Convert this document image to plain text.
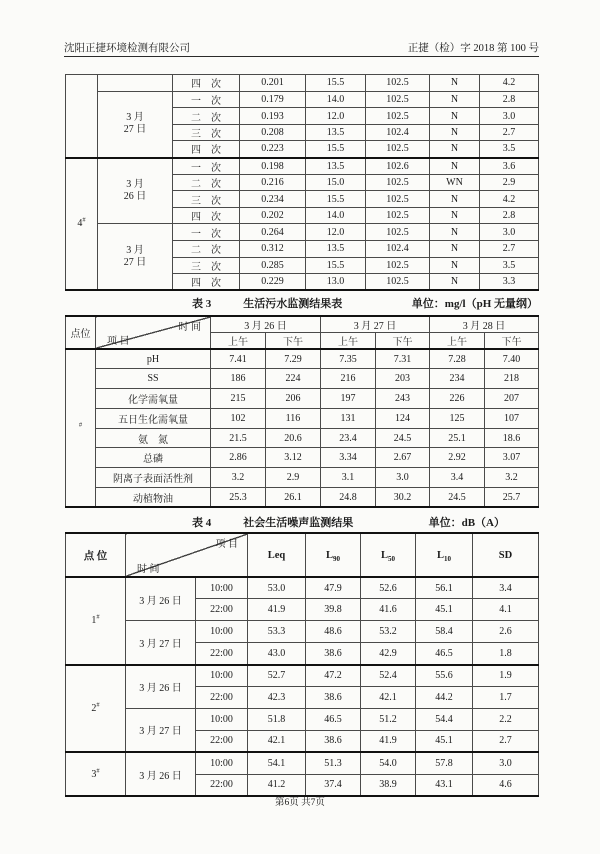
沈阳正捷环境检测有限公司	正捷（检）字 2018 第 100 号
		四　次	0.201	15.5	102.5	N	4.2

	3 月
27 日	一　次	0.179	14.0	102.5	N	2.8
		二　次	0.193	12.0	102.5	N	3.0
		三　次	0.208	13.5	102.4	N	2.7
		四　次	0.223	15.5	102.5	N	3.5
4#	3 月
26 日	一　次	0.198	13.5	102.6	N	3.6
		二　次	0.216	15.0	102.5	WN	2.9
		三　次	0.234	15.5	102.5	N	4.2
		四　次	0.202	14.0	102.5	N	2.8

	3 月
27 日	一　次	0.264	12.0	102.5	N	3.0
		二　次	0.312	13.5	102.4	N	2.7
		三　次	0.285	15.5	102.5	N	3.5
		四　次	0.229	13.0	102.5	N	3.3
表 3	生活污水监测结果表	单位：mg/l（pH 无量纲）
点位	时 间
项 目	3 月 26 日		3 月 27 日		3 月 28 日	
		上午	下午	上午	下午	上午	下午
#	pH	7.41	7.29	7.35	7.31	7.28	7.40
	SS	186	224	216	203	234	218
	化学需氧量	215	206	197	243	226	207
	五日生化需氧量	102	116	131	124	125	107
	氨　氮	21.5	20.6	23.4	24.5	25.1	18.6
	总磷	2.86	3.12	3.34	2.67	2.92	3.07
	阴离子表面活性剂	3.2	2.9	3.1	3.0	3.4	3.2
	动植物油	25.3	26.1	24.8	30.2	24.5	25.7
表 4	社会生活噪声监测结果	单位：dB（A）
点 位	项 目
时 间		Leq	$L_{90}$	$L_{50}$	$L_{10}$	SD
1#	3 月 26 日	10:00	53.0	47.9	52.6	56.1	3.4
		22:00	41.9	39.8	41.6	45.1	4.1
	3 月 27 日	10:00	53.3	48.6	53.2	58.4	2.6
		22:00	43.0	38.6	42.9	46.5	1.8
2#	3 月 26 日	10:00	52.7	47.2	52.4	55.6	1.9
		22:00	42.3	38.6	42.1	44.2	1.7
	3 月 27 日	10:00	51.8	46.5	51.2	54.4	2.2
		22:00	42.1	38.6	41.9	45.1	2.7
3#	3 月 26 日	10:00	54.1	51.3	54.0	57.8	3.0
		22:00	41.2	37.4	38.9	43.1	4.6
第6页 共7页
